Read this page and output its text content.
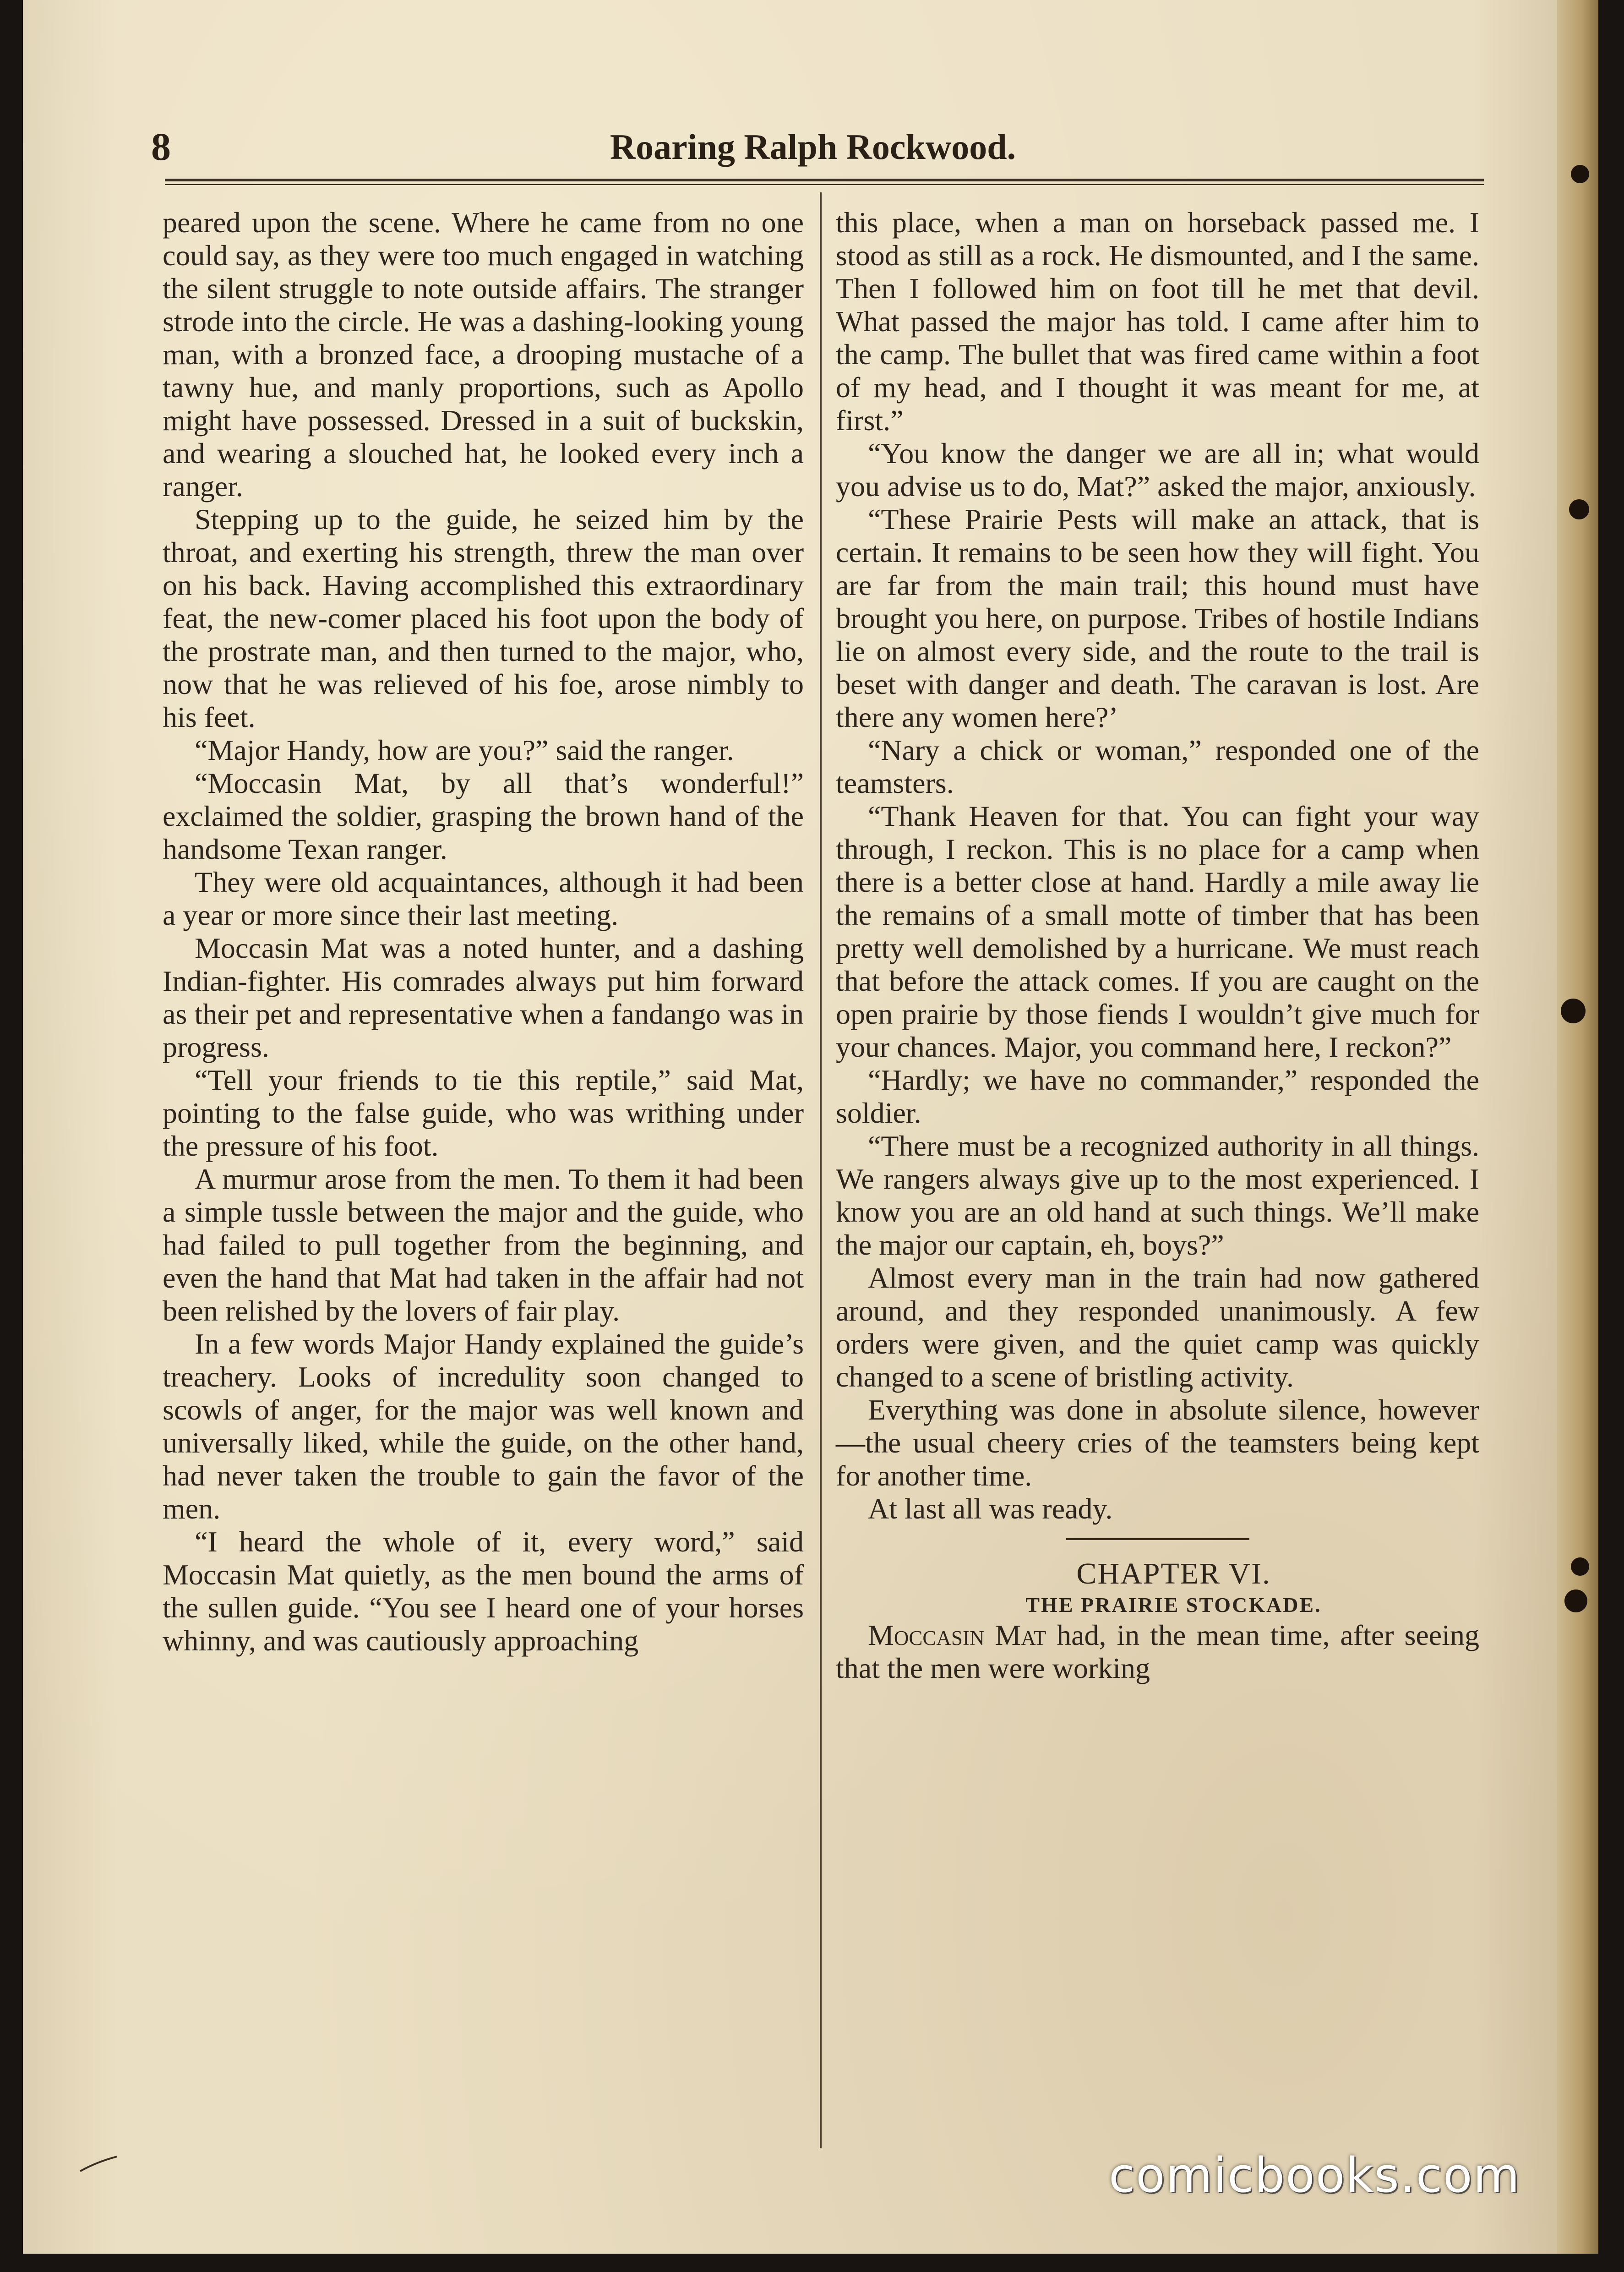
8	Roaring Ralph Rockwood.

peared upon the scene. Where he came from no one could say, as they were too much engaged in watching the silent struggle to note outside affairs. The stranger strode into the circle. He was a dashing-looking young man, with a bronzed face, a drooping mustache of a tawny hue, and manly proportions, such as Apollo might have possessed. Dressed in a suit of buckskin, and wearing a slouched hat, he looked every inch a ranger.

Stepping up to the guide, he seized him by the throat, and exerting his strength, threw the man over on his back. Having accomplished this extraordinary feat, the new-comer placed his foot upon the body of the prostrate man, and then turned to the major, who, now that he was relieved of his foe, arose nimbly to his feet.

“Major Handy, how are you?” said the ranger.

“Moccasin Mat, by all that’s wonderful!” exclaimed the soldier, grasping the brown hand of the handsome Texan ranger.

They were old acquaintances, although it had been a year or more since their last meeting.

Moccasin Mat was a noted hunter, and a dashing Indian-fighter. His comrades always put him forward as their pet and representative when a fandango was in progress.

“Tell your friends to tie this reptile,” said Mat, pointing to the false guide, who was writhing under the pressure of his foot.

A murmur arose from the men. To them it had been a simple tussle between the major and the guide, who had failed to pull together from the beginning, and even the hand that Mat had taken in the affair had not been relished by the lovers of fair play.

In a few words Major Handy explained the guide’s treachery. Looks of incredulity soon changed to scowls of anger, for the major was well known and universally liked, while the guide, on the other hand, had never taken the trouble to gain the favor of the men.

“I heard the whole of it, every word,” said Moccasin Mat quietly, as the men bound the arms of the sullen guide. “You see I heard one of your horses whinny, and was cautiously approaching

this place, when a man on horseback passed me. I stood as still as a rock. He dismounted, and I the same. Then I followed him on foot till he met that devil. What passed the major has told. I came after him to the camp. The bullet that was fired came within a foot of my head, and I thought it was meant for me, at first.”

“You know the danger we are all in; what would you advise us to do, Mat?” asked the major, anxiously.

“These Prairie Pests will make an attack, that is certain. It remains to be seen how they will fight. You are far from the main trail; this hound must have brought you here, on purpose. Tribes of hostile Indians lie on almost every side, and the route to the trail is beset with danger and death. The caravan is lost. Are there any women here?’

“Nary a chick or woman,” responded one of the teamsters.

“Thank Heaven for that. You can fight your way through, I reckon. This is no place for a camp when there is a better close at hand. Hardly a mile away lie the remains of a small motte of timber that has been pretty well demolished by a hurricane. We must reach that before the attack comes. If you are caught on the open prairie by those fiends I wouldn’t give much for your chances. Major, you command here, I reckon?”

“Hardly; we have no commander,” responded the soldier.

“There must be a recognized authority in all things. We rangers always give up to the most experienced. I know you are an old hand at such things. We’ll make the major our captain, eh, boys?”

Almost every man in the train had now gathered around, and they responded unanimously. A few orders were given, and the quiet camp was quickly changed to a scene of bristling activity.

Everything was done in absolute silence, however—the usual cheery cries of the teamsters being kept for another time.

At last all was ready.

CHAPTER VI.

THE PRAIRIE STOCKADE.

Moccasin Mat had, in the mean time, after seeing that the men were working

comicbooks.com
